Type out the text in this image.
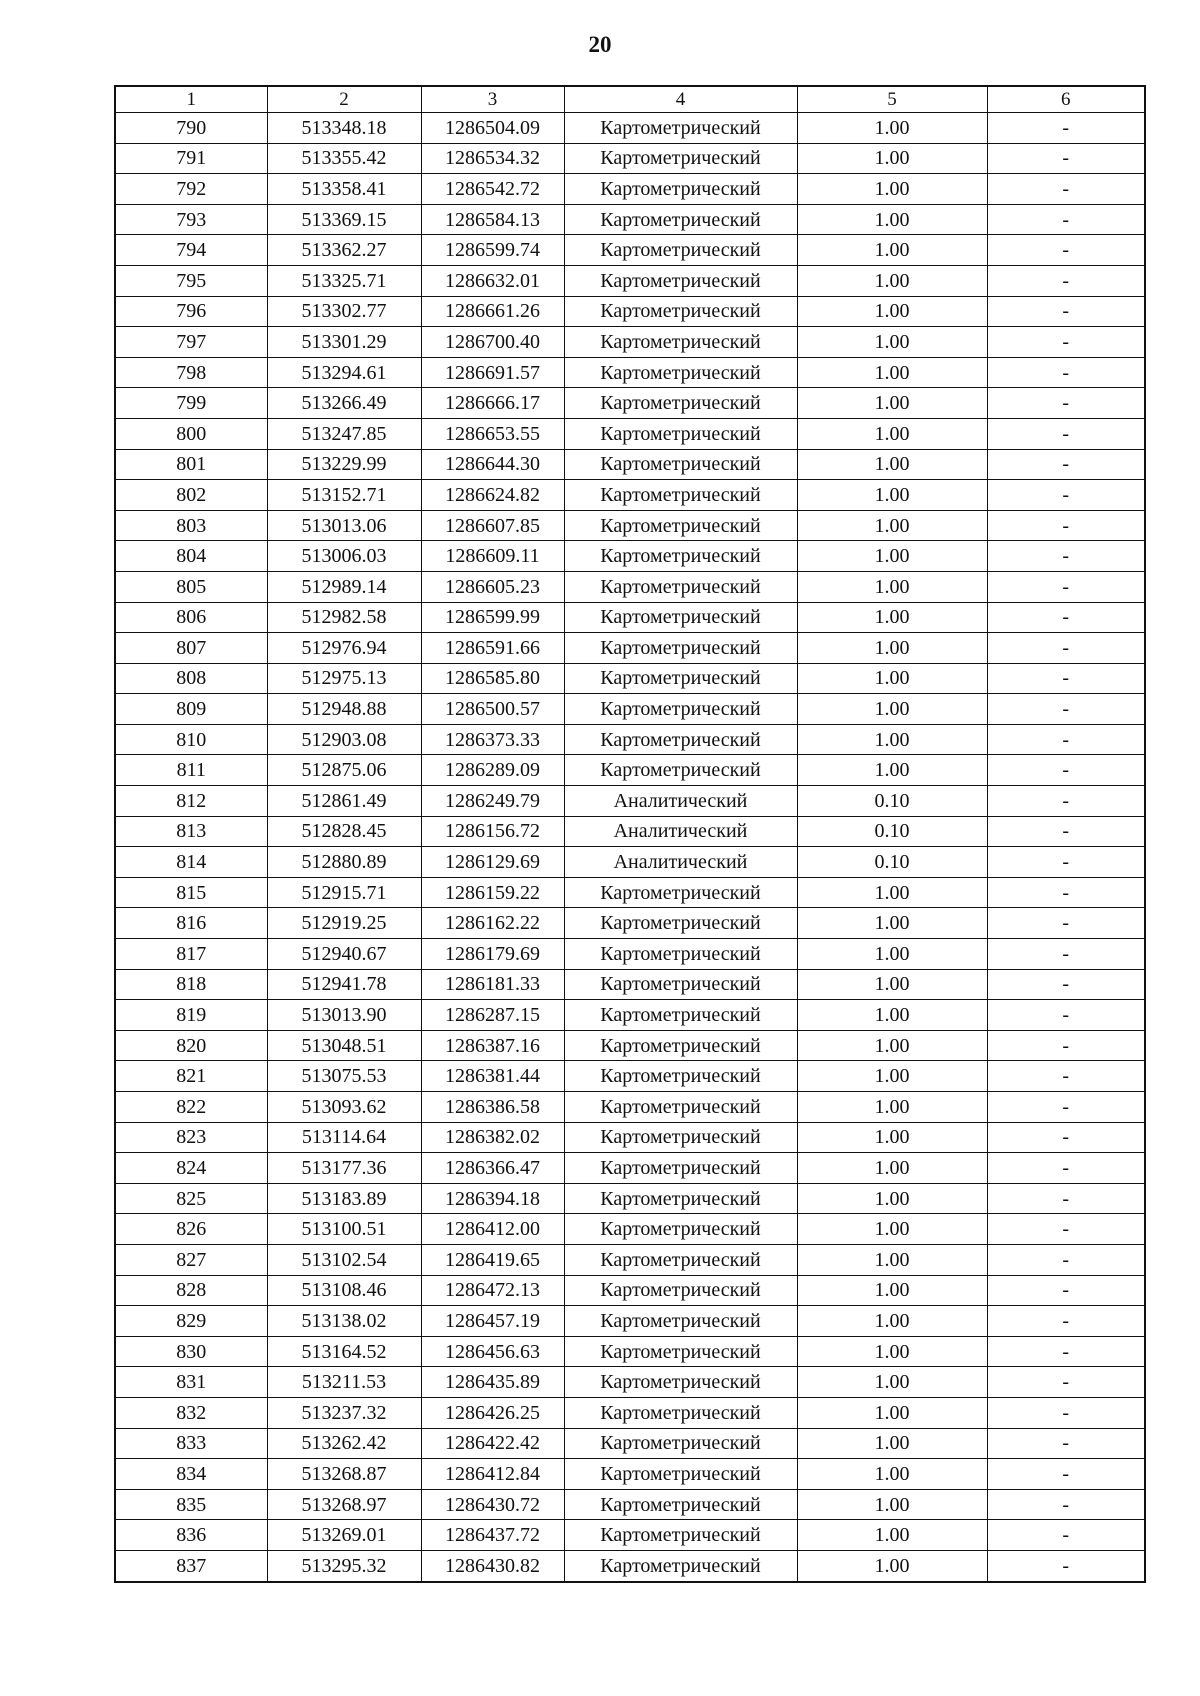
20
1	2	3	4	5	6
790	513348.18	1286504.09	Картометрический	1.00	-
791	513355.42	1286534.32	Картометрический	1.00	-
792	513358.41	1286542.72	Картометрический	1.00	-
793	513369.15	1286584.13	Картометрический	1.00	-
794	513362.27	1286599.74	Картометрический	1.00	-
795	513325.71	1286632.01	Картометрический	1.00	-
796	513302.77	1286661.26	Картометрический	1.00	-
797	513301.29	1286700.40	Картометрический	1.00	-
798	513294.61	1286691.57	Картометрический	1.00	-
799	513266.49	1286666.17	Картометрический	1.00	-
800	513247.85	1286653.55	Картометрический	1.00	-
801	513229.99	1286644.30	Картометрический	1.00	-
802	513152.71	1286624.82	Картометрический	1.00	-
803	513013.06	1286607.85	Картометрический	1.00	-
804	513006.03	1286609.11	Картометрический	1.00	-
805	512989.14	1286605.23	Картометрический	1.00	-
806	512982.58	1286599.99	Картометрический	1.00	-
807	512976.94	1286591.66	Картометрический	1.00	-
808	512975.13	1286585.80	Картометрический	1.00	-
809	512948.88	1286500.57	Картометрический	1.00	-
810	512903.08	1286373.33	Картометрический	1.00	-
811	512875.06	1286289.09	Картометрический	1.00	-
812	512861.49	1286249.79	Аналитический	0.10	-
813	512828.45	1286156.72	Аналитический	0.10	-
814	512880.89	1286129.69	Аналитический	0.10	-
815	512915.71	1286159.22	Картометрический	1.00	-
816	512919.25	1286162.22	Картометрический	1.00	-
817	512940.67	1286179.69	Картометрический	1.00	-
818	512941.78	1286181.33	Картометрический	1.00	-
819	513013.90	1286287.15	Картометрический	1.00	-
820	513048.51	1286387.16	Картометрический	1.00	-
821	513075.53	1286381.44	Картометрический	1.00	-
822	513093.62	1286386.58	Картометрический	1.00	-
823	513114.64	1286382.02	Картометрический	1.00	-
824	513177.36	1286366.47	Картометрический	1.00	-
825	513183.89	1286394.18	Картометрический	1.00	-
826	513100.51	1286412.00	Картометрический	1.00	-
827	513102.54	1286419.65	Картометрический	1.00	-
828	513108.46	1286472.13	Картометрический	1.00	-
829	513138.02	1286457.19	Картометрический	1.00	-
830	513164.52	1286456.63	Картометрический	1.00	-
831	513211.53	1286435.89	Картометрический	1.00	-
832	513237.32	1286426.25	Картометрический	1.00	-
833	513262.42	1286422.42	Картометрический	1.00	-
834	513268.87	1286412.84	Картометрический	1.00	-
835	513268.97	1286430.72	Картометрический	1.00	-
836	513269.01	1286437.72	Картометрический	1.00	-
837	513295.32	1286430.82	Картометрический	1.00	-
